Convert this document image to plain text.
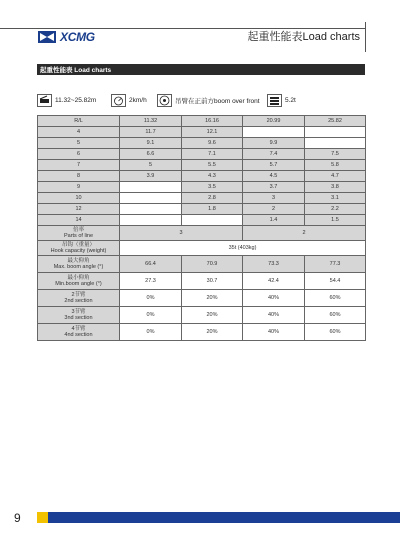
XCMG	起重性能表Load charts
起重性能表 Load charts
11.32~25.82m	2km/h	吊臂在正前方boom over front	5.2t
R/L	11.32	16.16	20.99	25.82
4	11.7	12.1		
5	9.1	9.6	9.9	
6	6.6	7.1	7.4	7.5
7	5	5.5	5.7	5.8
8	3.9	4.3	4.5	4.7
9		3.5	3.7	3.8
10		2.8	3	3.1
12		1.8	2	2.2
14			1.4	1.5
倍率
Parts of line	3		2	
吊钩（重量）
Hook capacity (weight)	35t (403kg)			
最大仰角
Max. boom angle (°)	66.4	70.9	73.3	77.3
最小仰角
Min.boom angle (°)	27.3	30.7	42.4	54.4
2节臂
2nd section	0%	20%	40%	60%
3节臂
3nd section	0%	20%	40%	60%
4节臂
4nd section	0%	20%	40%	60%
9
